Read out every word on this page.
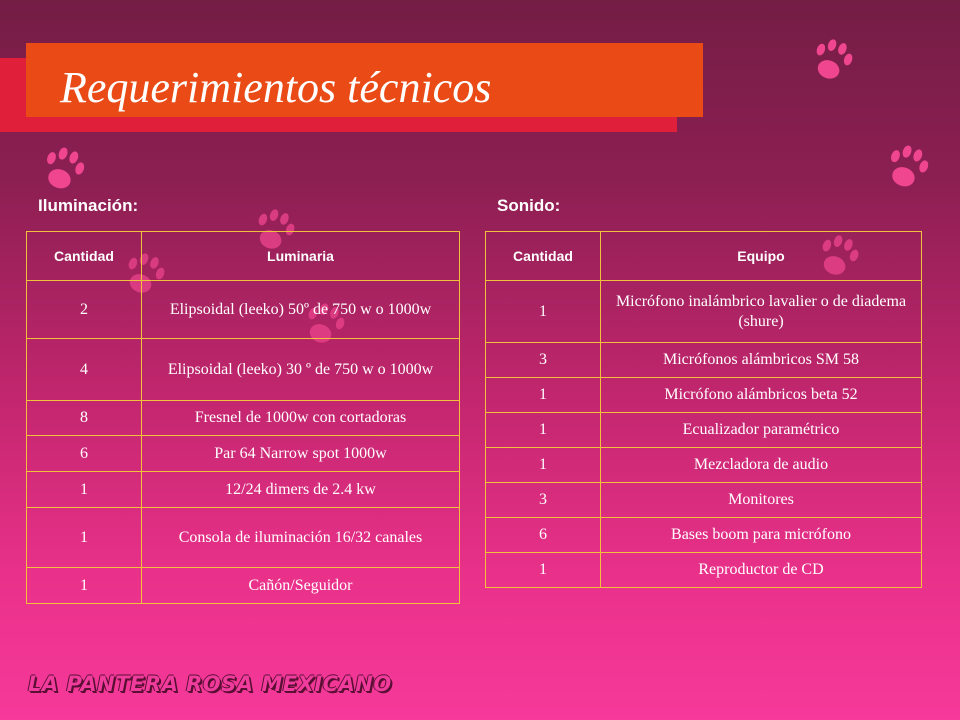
Requerimientos técnicos
Iluminación:	Sonido:
Cantidad	Luminaria
2	Elipsoidal (leeko) 50º de 750 w o 1000w
4	Elipsoidal (leeko) 30 º de 750 w o 1000w
8	Fresnel de 1000w con cortadoras
6	Par 64 Narrow spot 1000w
1	12/24 dimers de 2.4 kw
1	Consola de iluminación 16/32 canales
1	Cañón/Seguidor
Cantidad	Equipo
1	Micrófono inalámbrico lavalier o de diadema (shure)
3	Micrófonos alámbricos SM 58
1	Micrófono alámbricos beta 52
1	Ecualizador paramétrico
1	Mezcladora de audio
3	Monitores
6	Bases boom para micrófono
1	Reproductor de CD
LA PANTERA ROSA MEXICANO
